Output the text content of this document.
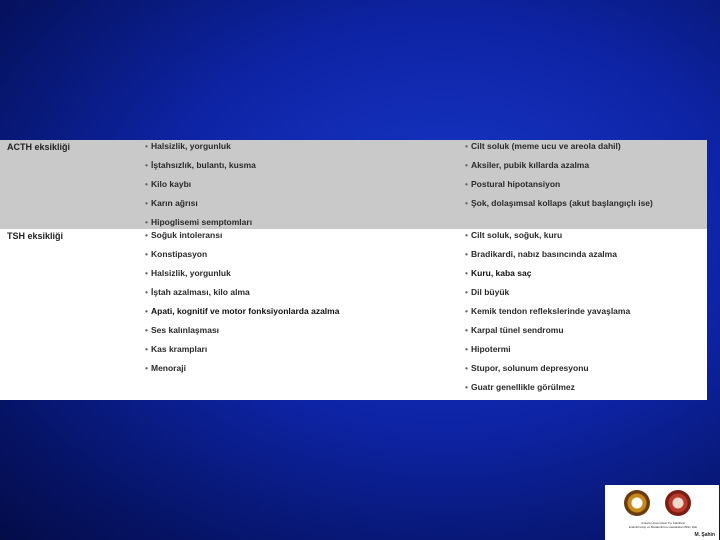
ACTH eksikliği	• Halsizlik, yorgunluk
• İştahsızlık, bulantı, kusma
• Kilo kaybı
• Karın ağrısı
• Hipoglisemi semptomları
• Cilt soluk (meme ucu ve areola dahil)
• Aksiler, pubik kıllarda azalma
• Postural hipotansiyon
• Şok, dolaşımsal kollaps (akut başlangıçlı ise)
TSH eksikliği	• Soğuk intoleransı
• Konstipasyon
• Halsizlik, yorgunluk
• İştah azalması, kilo alma
• Apati, kognitif ve motor fonksiyonlarda azalma
• Ses kalınlaşması
• Kas krampları
• Menoraji
• Cilt soluk, soğuk, kuru
• Bradikardi, nabız basıncında azalma
• Kuru, kaba saç
• Dil büyük
• Kemik tendon reflekslerinde yavaşlama
• Karpal tünel sendromu
• Hipotermi
• Stupor, solunum depresyonu
• Guatr genellikle görülmez
Ankara Üniversitesi Tıp Fakültesi
Endokrinoloji ve Metabolizma Hastalıkları Bilim Dalı
M. Şahin
